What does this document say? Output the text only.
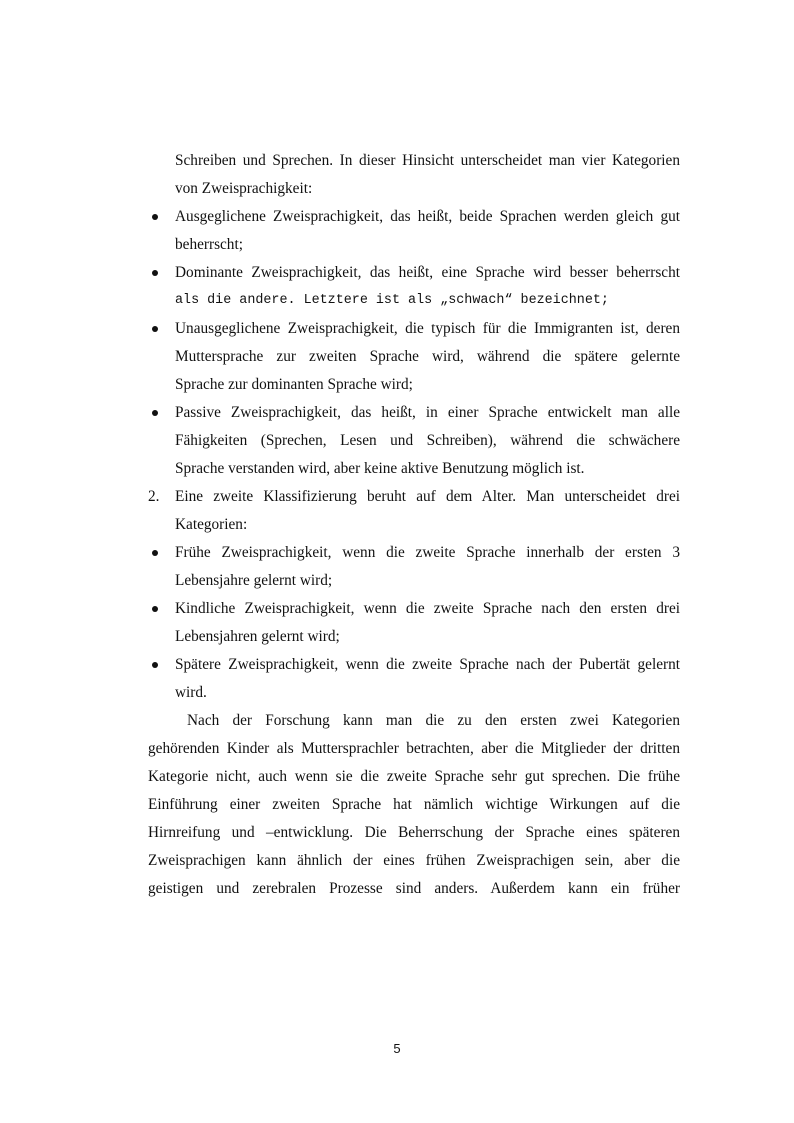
Schreiben und Sprechen. In dieser Hinsicht unterscheidet man vier Kategorien
von Zweisprachigkeit:
Ausgeglichene Zweisprachigkeit, das heißt, beide Sprachen werden gleich gut
beherrscht;
Dominante Zweisprachigkeit, das heißt, eine Sprache wird besser beherrscht
als die andere. Letztere ist als „schwach“ bezeichnet;
Unausgeglichene Zweisprachigkeit, die typisch für die Immigranten ist, deren
Muttersprache zur zweiten Sprache wird, während die spätere gelernte
Sprache zur dominanten Sprache wird;
Passive Zweisprachigkeit, das heißt, in einer Sprache entwickelt man alle
Fähigkeiten (Sprechen, Lesen und Schreiben), während die schwächere
Sprache verstanden wird, aber keine aktive Benutzung möglich ist.
2.	Eine zweite Klassifizierung beruht auf dem Alter. Man unterscheidet drei
Kategorien:
Frühe Zweisprachigkeit, wenn die zweite Sprache innerhalb der ersten 3
Lebensjahre gelernt wird;
Kindliche Zweisprachigkeit, wenn die zweite Sprache nach den ersten drei
Lebensjahren gelernt wird;
Spätere Zweisprachigkeit, wenn die zweite Sprache nach der Pubertät gelernt
wird.
Nach der Forschung kann man die zu den ersten zwei Kategorien
gehörenden Kinder als Muttersprachler betrachten, aber die Mitglieder der dritten
Kategorie nicht, auch wenn sie die zweite Sprache sehr gut sprechen. Die frühe
Einführung einer zweiten Sprache hat nämlich wichtige Wirkungen auf die
Hirnreifung und –entwicklung. Die Beherrschung der Sprache eines späteren
Zweisprachigen kann ähnlich der eines frühen Zweisprachigen sein, aber die
geistigen und zerebralen Prozesse sind anders. Außerdem kann ein früher
5
